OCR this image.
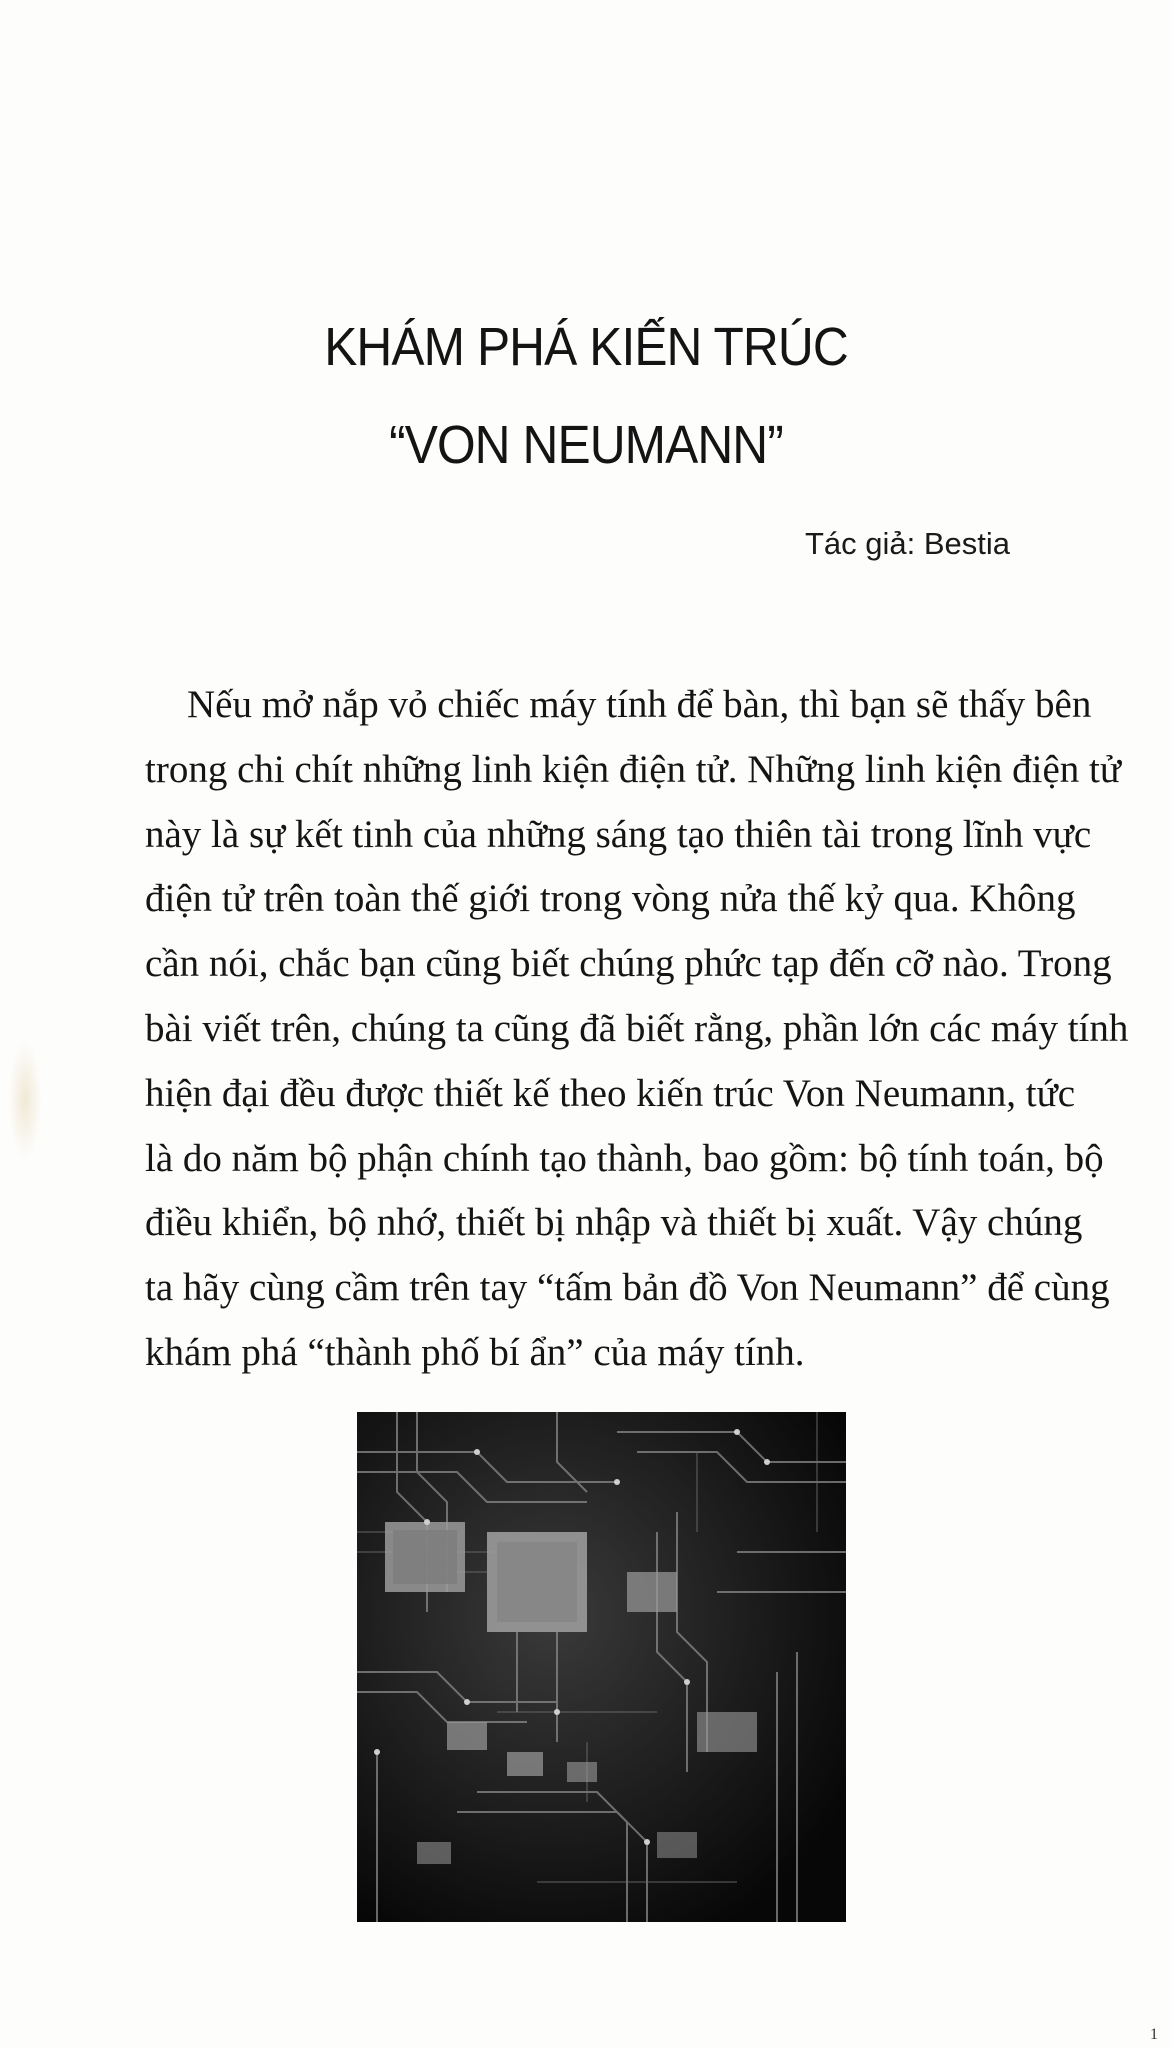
KHÁM PHÁ KIẾN TRÚC
“VON NEUMANN”
Tác giả: Bestia
Nếu mở nắp vỏ chiếc máy tính để bàn, thì bạn sẽ thấy bên
trong chi chít những linh kiện điện tử. Những linh kiện điện tử
này là sự kết tinh của những sáng tạo thiên tài trong lĩnh vực
điện tử trên toàn thế giới trong vòng nửa thế kỷ qua. Không
cần nói, chắc bạn cũng biết chúng phức tạp đến cỡ nào. Trong
bài viết trên, chúng ta cũng đã biết rằng, phần lớn các máy tính
hiện đại đều được thiết kế theo kiến trúc Von Neumann, tức
là do năm bộ phận chính tạo thành, bao gồm: bộ tính toán, bộ
điều khiển, bộ nhớ, thiết bị nhập và thiết bị xuất. Vậy chúng
ta hãy cùng cầm trên tay “tấm bản đồ Von Neumann” để cùng
khám phá “thành phố bí ẩn” của máy tính.
1
